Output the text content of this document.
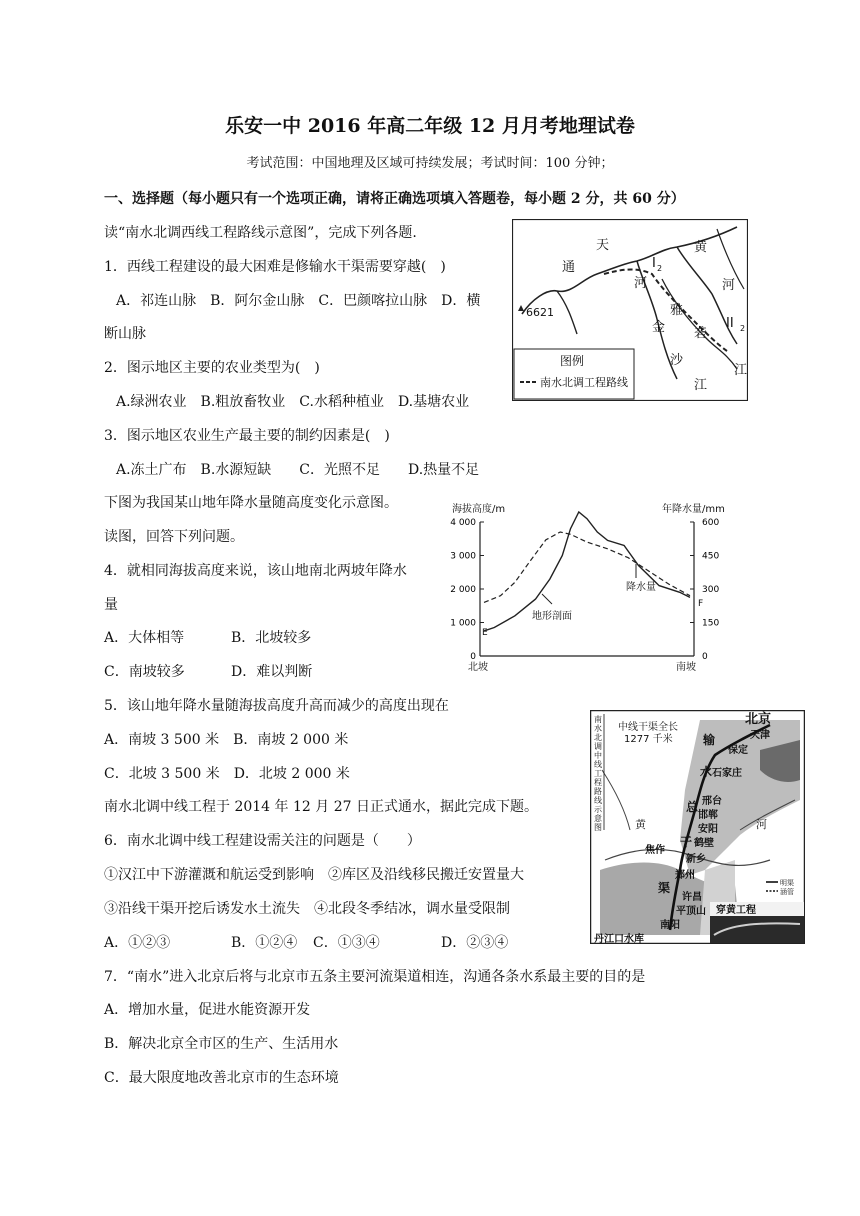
乐安一中 2016 年高二年级 12 月月考地理试卷
考试范围：中国地理及区域可持续发展；考试时间：100 分钟；
一、选择题（每小题只有一个选项正确，请将正确选项填入答题卷，每小题 2 分，共 60 分）
读“南水北调西线工程路线示意图”，完成下列各题.
1．西线工程建设的最大困难是修输水干渠需要穿越(　)
A．祁连山脉　B．阿尔金山脉　C．巴颜喀拉山脉　D．横
断山脉
2．图示地区主要的农业类型为(　)
A.绿洲农业　B.粗放畜牧业　C.水稻种植业　D.基塘农业
3．图示地区农业生产最主要的制约因素是(　)
A.冻土广布　B.水源短缺　　C．光照不足　　D.热量不足
下图为我国某山地年降水量随高度变化示意图。
读图，回答下列问题。
4．就相同海拔高度来说，该山地南北两坡年降水
量
A．大体相等	B．北坡较多
C．南坡较多	D．难以判断
5．该山地年降水量随海拔高度升高而减少的高度出现在
A．南坡 3 500 米　B．南坡 2 000 米
C．北坡 3 500 米　D．北坡 2 000 米
南水北调中线工程于 2014 年 12 月 27 日正式通水，据此完成下题。
6．南水北调中线工程建设需关注的问题是（　　）
①汉江中下游灌溉和航运受到影响　②库区及沿线移民搬迁安置量大
③沿线干渠开挖后诱发水土流失　④北段冬季结冰，调水量受限制
A．①②③	B．①②④ C．①③④	D．②③④
7．“南水”进入北京后将与北京市五条主要河流渠道相连，沟通各条水系最主要的目的是
A．增加水量，促进水能资源开发
B．解决北京全市区的生产、生活用水
C．最大限度地改善北京市的生态环境
通
天
河
黄
河
雅
砻
金
沙
江
江
I 2
II 2
6621
图例
南水北调工程路线
海拔高度/m	年降水量/mm
4 000
3 000
2 000
1 000
0
600
450
300
150
0
北坡	南坡
E
F
地形剖面
降水量
南
水
北
调
中
线
工
程
路
线
示
意
图
中线干渠全长
1277 千米
北京
天津
保定
石家庄
邢台
邯郸
安阳
鹤壁
新乡
焦作
郑州
许昌
平顶山
南阳
丹江口水库
输
水
总
干
渠
黄	河
明渠
涵管
穿黄工程
